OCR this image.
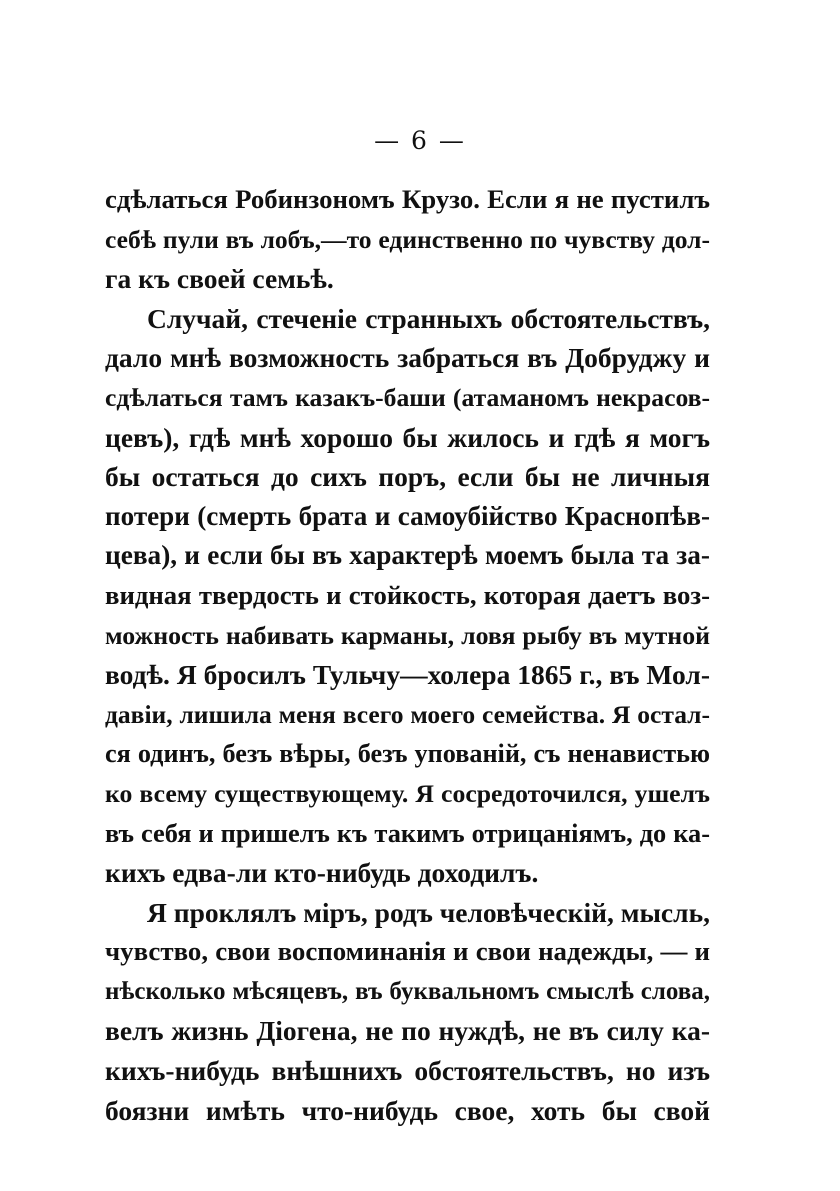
— 6 —
сдѣлаться Робинзономъ Крузо. Если я не пустилъ
себѣ пули въ лобъ,—то единственно по чувству дол-
га къ своей семьѣ.
Случай, стеченіе странныхъ обстоятельствъ,
дало мнѣ возможность забраться въ Добруджу и
сдѣлаться тамъ казакъ-баши (атаманомъ некрасов-
цевъ), гдѣ мнѣ хорошо бы жилось и гдѣ я могъ
бы остаться до сихъ поръ, если бы не личныя
потери (смерть брата и самоубійство Краснопѣв-
цева), и если бы въ характерѣ моемъ была та за-
видная твердость и стойкость, которая даетъ воз-
можность набивать карманы, ловя рыбу въ мутной
водѣ. Я бросилъ Тульчу—холера 1865 г., въ Мол-
давіи, лишила меня всего моего семейства. Я остал-
ся одинъ, безъ вѣры, безъ упованій, съ ненавистью
ко всему существующему. Я сосредоточился, ушелъ
въ себя и пришелъ къ такимъ отрицаніямъ, до ка-
кихъ едва-ли кто-нибудь доходилъ.
Я проклялъ міръ, родъ человѣческій, мысль,
чувство, свои воспоминанія и свои надежды, — и
нѣсколько мѣсяцевъ, въ буквальномъ смыслѣ слова,
велъ жизнь Діогена, не по нуждѣ, не въ силу ка-
кихъ-нибудь внѣшнихъ обстоятельствъ, но изъ
боязни имѣть что-нибудь свое, хоть бы свой
